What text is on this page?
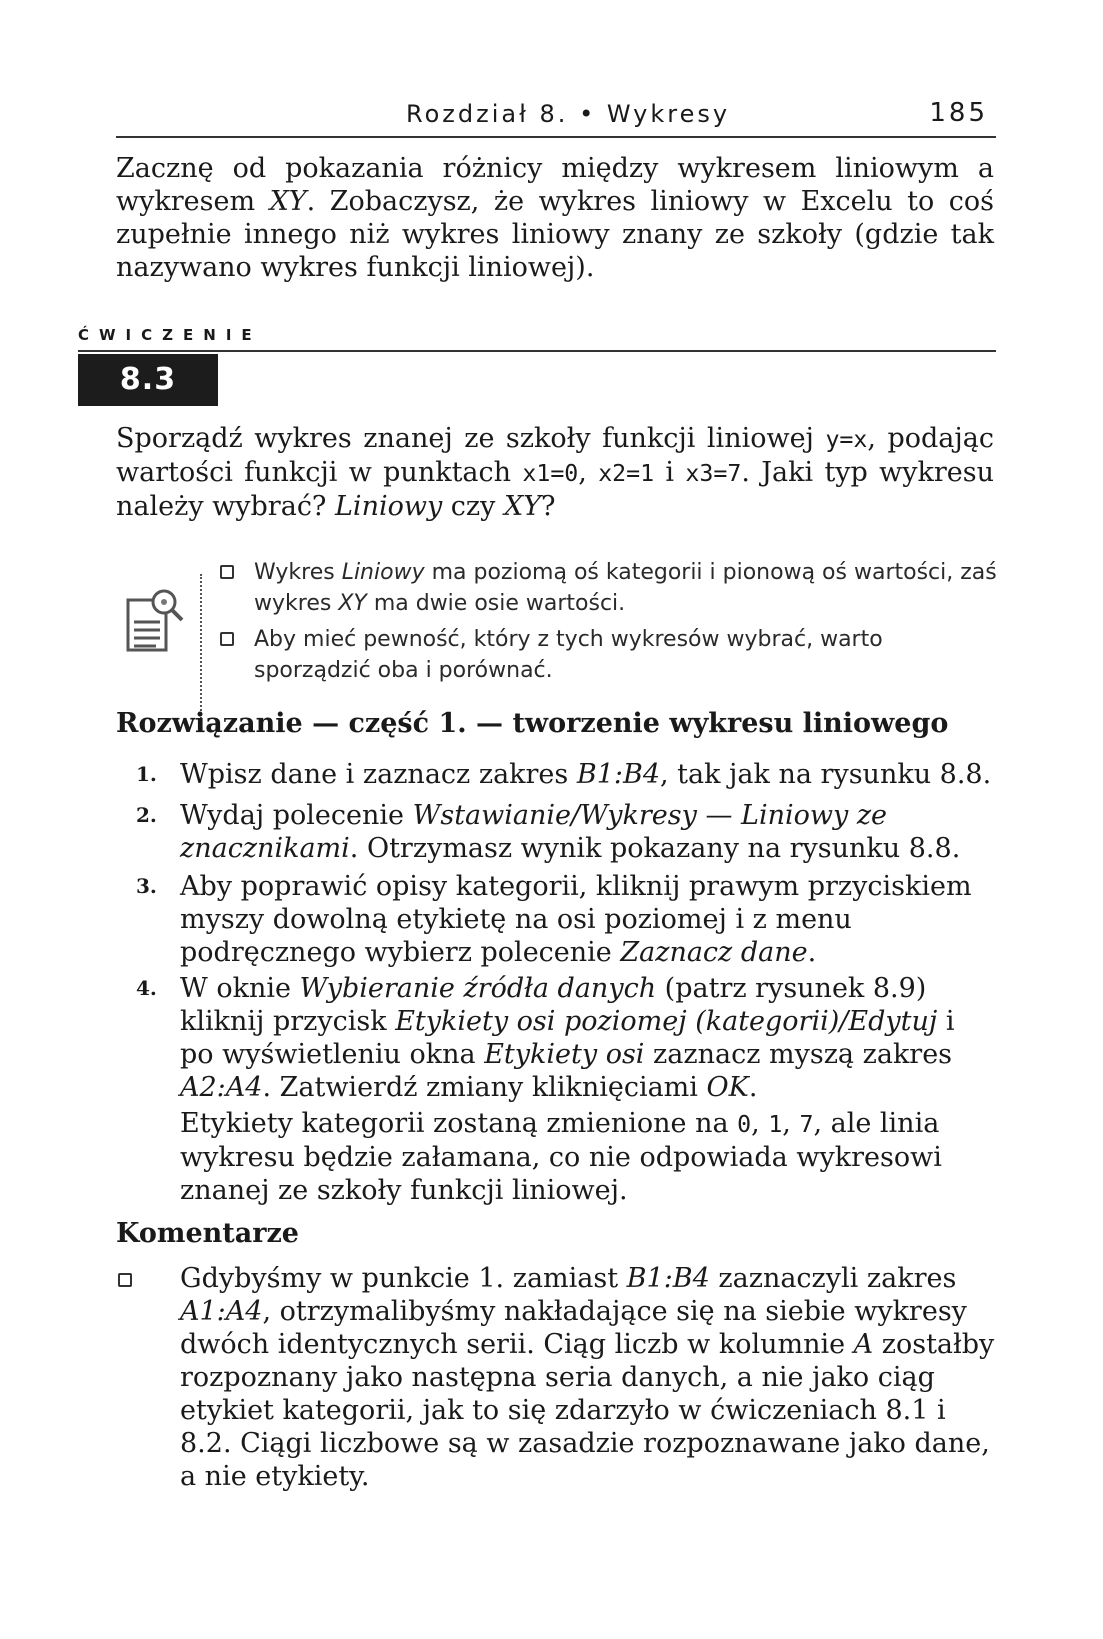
Rozdział 8. • Wykresy	185

Zacznę od pokazania różnicy między wykresem liniowym a wykresem XY. Zobaczysz, że wykres liniowy w Excelu to coś zupełnie innego niż wykres liniowy znany ze szkoły (gdzie tak nazywano wykres funkcji liniowej).

ĆWICZENIE
8.3

Sporządź wykres znanej ze szkoły funkcji liniowej y=x, podając wartości funkcji w punktach x1=0, x2=1 i x3=7. Jaki typ wykresu należy wybrać? Liniowy czy XY?

Wykres Liniowy ma poziomą oś kategorii i pionową oś wartości, zaś wykres XY ma dwie osie wartości.

Aby mieć pewność, który z tych wykresów wybrać, warto sporządzić oba i porównać.

Rozwiązanie — część 1. — tworzenie wykresu liniowego

1. Wpisz dane i zaznacz zakres B1:B4, tak jak na rysunku 8.8.

2. Wydaj polecenie Wstawianie/Wykresy — Liniowy ze znacznikami. Otrzymasz wynik pokazany na rysunku 8.8.

3. Aby poprawić opisy kategorii, kliknij prawym przyciskiem myszy dowolną etykietę na osi poziomej i z menu podręcznego wybierz polecenie Zaznacz dane.

4. W oknie Wybieranie źródła danych (patrz rysunek 8.9) kliknij przycisk Etykiety osi poziomej (kategorii)/Edytuj i po wyświetleniu okna Etykiety osi zaznacz myszą zakres A2:A4. Zatwierdź zmiany kliknięciami OK.

Etykiety kategorii zostaną zmienione na 0, 1, 7, ale linia wykresu będzie załamana, co nie odpowiada wykresowi znanej ze szkoły funkcji liniowej.

Komentarze

Gdybyśmy w punkcie 1. zamiast B1:B4 zaznaczyli zakres A1:A4, otrzymalibyśmy nakładające się na siebie wykresy dwóch identycznych serii. Ciąg liczb w kolumnie A zostałby rozpoznany jako następna seria danych, a nie jako ciąg etykiet kategorii, jak to się zdarzyło w ćwiczeniach 8.1 i 8.2. Ciągi liczbowe są w zasadzie rozpoznawane jako dane, a nie etykiety.
